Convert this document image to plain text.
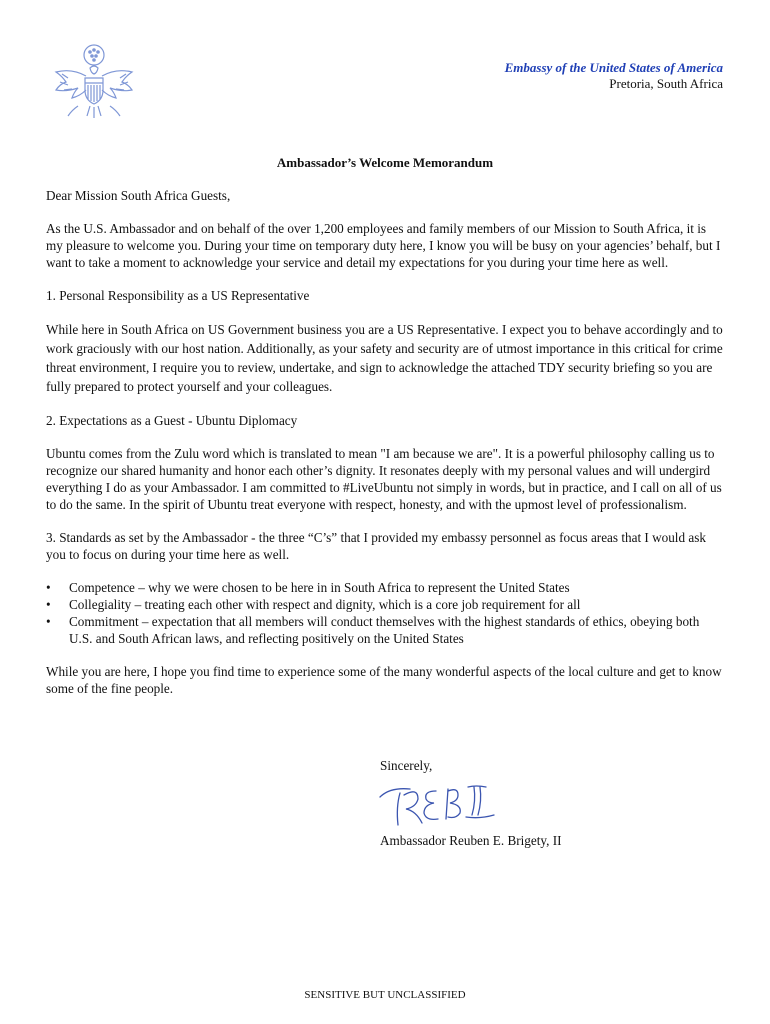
Embassy of the United States of America
Pretoria, South Africa
Ambassador’s Welcome Memorandum

Dear Mission South Africa Guests,

As the U.S. Ambassador and on behalf of the over 1,200 employees and family members of our Mission to South Africa, it is my pleasure to welcome you. During your time on temporary duty here, I know you will be busy on your agencies’ behalf, but I want to take a moment to acknowledge your service and detail my expectations for you during your time here as well.

1. Personal Responsibility as a US Representative

While here in South Africa on US Government business you are a US Representative. I expect you to behave accordingly and to work graciously with our host nation. Additionally, as your safety and security are of utmost importance in this critical for crime threat environment, I require you to review, undertake, and sign to acknowledge the attached TDY security briefing so you are fully prepared to protect yourself and your colleagues.

2. Expectations as a Guest - Ubuntu Diplomacy

Ubuntu comes from the Zulu word which is translated to mean "I am because we are". It is a powerful philosophy calling us to recognize our shared humanity and honor each other’s dignity. It resonates deeply with my personal values and will undergird everything I do as your Ambassador. I am committed to #LiveUbuntu not simply in words, but in practice, and I call on all of us to do the same. In the spirit of Ubuntu treat everyone with respect, honesty, and with the upmost level of professionalism.

3. Standards as set by the Ambassador - the three “C’s” that I provided my embassy personnel as focus areas that I would ask you to focus on during your time here as well.

• Competence – why we were chosen to be here in in South Africa to represent the United States
• Collegiality – treating each other with respect and dignity, which is a core job requirement for all
• Commitment – expectation that all members will conduct themselves with the highest standards of ethics, obeying both U.S. and South African laws, and reflecting positively on the United States

While you are here, I hope you find time to experience some of the many wonderful aspects of the local culture and get to know some of the fine people.

Sincerely,
Ambassador Reuben E. Brigety, II
SENSITIVE BUT UNCLASSIFIED
